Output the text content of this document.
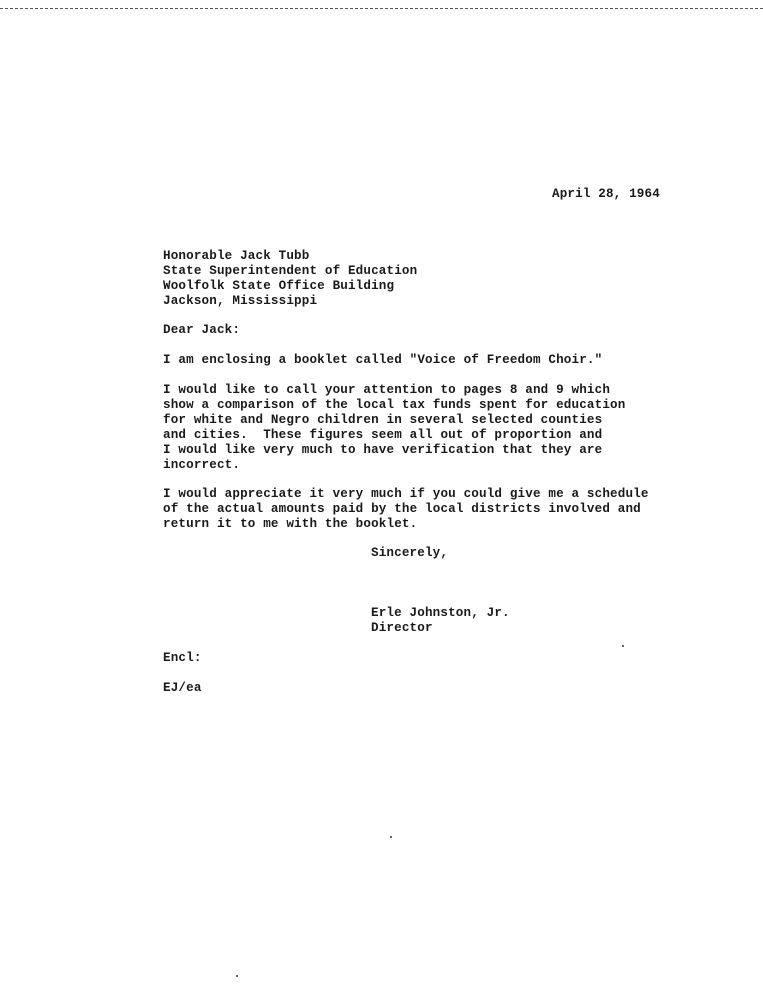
April 28, 1964
Honorable Jack Tubb
State Superintendent of Education
Woolfolk State Office Building
Jackson, Mississippi
Dear Jack:
I am enclosing a booklet called "Voice of Freedom Choir."
I would like to call your attention to pages 8 and 9 which
show a comparison of the local tax funds spent for education
for white and Negro children in several selected counties
and cities.  These figures seem all out of proportion and
I would like very much to have verification that they are
incorrect.
I would appreciate it very much if you could give me a schedule
of the actual amounts paid by the local districts involved and
return it to me with the booklet.
Sincerely,
Erle Johnston, Jr.
Director
Encl:
EJ/ea
